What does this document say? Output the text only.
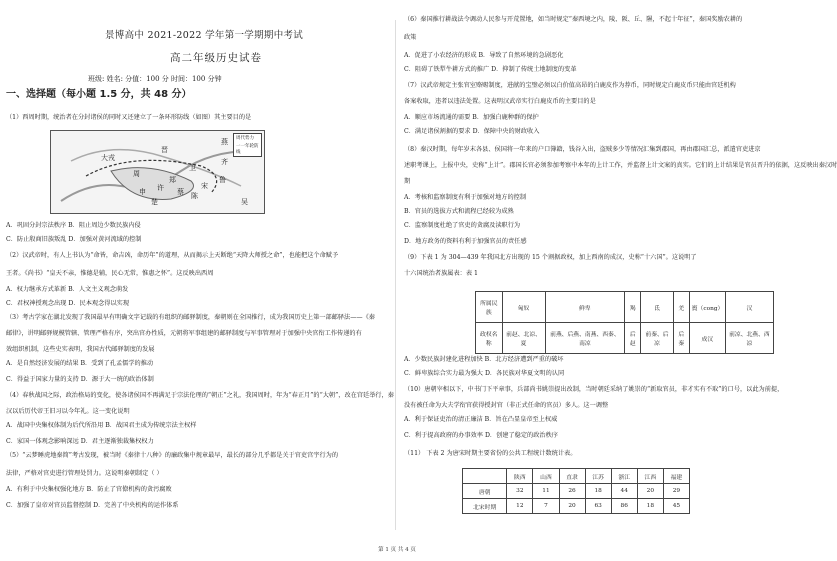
景博高中 2021-2022 学年第一学期期中考试
高二年级历史试卷
班级: 姓名: 分值：100 分 时间：100 分钟
一、选择题（每小题 1.5 分，共 48 分）
（1）西周时期，统治者在分封诸侯的同时又还建立了一条环形防线（如图）其主要目的是
A．巩固分封宗法秩序 B．阻止周边少数民族内侵
C．防止殷商旧族叛乱 D．加强对黄河流域的控制
（2）汉武帝时，有人上书认为“命皆，命吉凶，命历年”的道理，从而揭示上天断绝“天降大师授之命”，也能把这个命赋予
王者。《尚书》“皇天不亲，惟德是辅，民心无常，惟惠之怀”。这反映出西周
A．权力继承方式革新 B．人文主义观念萌发
C．君权神授观念出现 D．民本观念得以实现
（3）考古学家在湖北发现了我国最早有明确文字记载的有组织的邮驿制度，秦朝则在全国推行，成为我国历史上第一部邮驿法——《秦
邮律》，讲明邮驿规模管辖、管理严格有序，突出官办性质，元朝将军事组建的邮驿制度与军事管理对于加强中央官衔工作传递的有
效组织机制，这些史实表明，我国古代邮驿制度的发展
A．是自然经济发展的结果 B．受到了孔孟儒学的推动
C．得益于国家力量的支持 D．源于大一统的政治体制
（4）春秋战国之际，政治格局的变化，使各诸侯国不再满足于宗法伦理的“朝正”之礼，我国周时，年为“春正月”的“大朝”，改在宫廷举行，秦
汉以后历代帝王旧习以今年礼。这一变化说明
A．战国中央集权体制为后代所沿用 B．战国君主成为传统宗法主权样
C．家国一体观念影响深远 D．君主逐渐独裁集权权力
（5）“云梦睡虎地秦简”考古发现，被当时《秦律十八种》的廉政集中规章最早，最长的部分几乎都是关于官吏宫宇行为的
法律，严格对官吏进行管理处罚力。这说明秦朝制定（ ）
A．有利于中央集权强化地方 B．防止了官僚机构的贪污腐败
C．加强了皇帝对官员监督控制 D．完善了中央机构的运作体系
大戎
周
齐
晋
卫
鲁
宋
郑
陈
楚	吴
燕
蔡
许
申
周代势力
一一年轮防线
（6）秦国推行耕战法令调动人民参与开荒置地，如当时规定“秦西境之内，陵、阪、丘、隰，不起十年征”，秦国奖励农耕的
政策
A．促进了小农经济的形成 B．导致了自然环境的急剧恶化
C．阻碍了铁犁牛耕方式的推广 D．抑制了传统土地制度的变革
（7）汉武帝规定主张官室赂赐制度，进献的宝璧必须以白价值高昂的白鹿皮作为荐币，同时规定白鹿皮币只能由官廷机构
备案收取，违者以违法处置。这表明汉武帝实行白鹿皮币的主要目的是
A．顺应市场流通的需要 B．加强白鹿种群的保护
C．满足诸侯割据的要求 D．保障中央的财政收入
（8）秦汉时期，每年岁末各县、侯国将一年来的户口簿籍，钱谷入出，盗贼多少等情况汇集到郡国，再由郡国汇总，派遣官吏进京
述职考课上，上报中央，史称“上计”。郡国长官必须参加考察中本年的上计工作，并监督上计文案的真实。它们的上计结果是官员晋升的依据，这反映出秦汉时
期
A．考核和监察制度有利于加强对地方的控制
B．官员的选拔方式和流程已经较为成熟
C．监察制度杜绝了官吏的贪腐及渎职行为
D．地方政务的资料有利于加强官员的责任感
（9）下表 1 为 304—439 年我国北方出现的 15 个割据政权，加上西南的成汉，史称“十六国”。这说明了
十六国统治者族属表：表 1
A．少数民族封建化进程加快 B．北方经济遭到严重的破坏
C．鲜卑族综合实力最为强大 D．各民族对华夏文明的认同
（10）唐朝宰相以下，中书门下平章事，兵部尚书姚崇提出改制，当时朝廷采纳了姚崇的“新取官员，非才实有不取”的口号，以此为前提，
没有被任命为大夫学衔官获得授封官（非正式任命的官员）多人。这一调整
A．利于保证吏治的清正廉洁 B．旨在凸显皇帝至上权威
C．利于提高政府的办事效率 D．创建了稳定的政治秩序
（11） 下表 2 为唐宋时期主要省份的公共工程统计数统计表。
所属民族	匈奴	鲜卑	羯	氐	羌	賨（cong）	汉
政权名称	前赵、北凉、夏	前燕、后燕、南燕、西秦、南凉	后赵	前秦、后凉	后秦	成汉	前凉、北燕、西凉
	陕西	山西	直隶	江苏	浙江	江西	福建
唐朝	32	11	26	18	44	20	29
北宋时期	12	7	20	63	86	18	45
第 1 页 共 4 页
